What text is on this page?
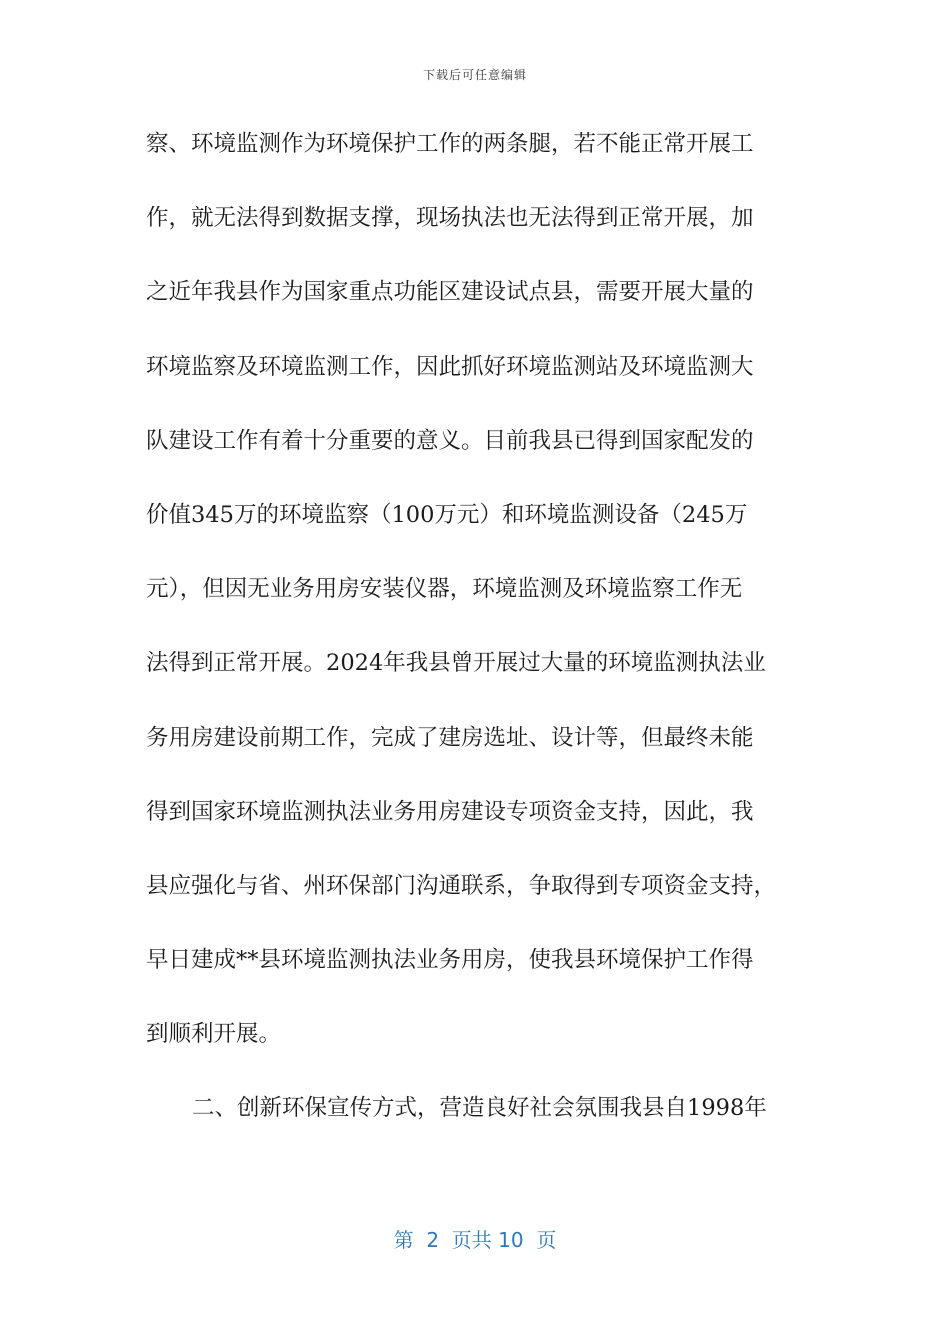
下载后可任意编辑
察、环境监测作为环境保护工作的两条腿，若不能正常开展工
作，就无法得到数据支撑，现场执法也无法得到正常开展，加
之近年我县作为国家重点功能区建设试点县，需要开展大量的
环境监察及环境监测工作，因此抓好环境监测站及环境监测大
队建设工作有着十分重要的意义。目前我县已得到国家配发的
价值345万的环境监察（100万元）和环境监测设备（245万
元），但因无业务用房安装仪器，环境监测及环境监察工作无
法得到正常开展。2024年我县曾开展过大量的环境监测执法业
务用房建设前期工作，完成了建房选址、设计等，但最终未能
得到国家环境监测执法业务用房建设专项资金支持，因此，我
县应强化与省、州环保部门沟通联系，争取得到专项资金支持，
早日建成**县环境监测执法业务用房，使我县环境保护工作得
到顺利开展。
二、创新环保宣传方式，营造良好社会氛围我县自1998年
第  2  页共 10  页
